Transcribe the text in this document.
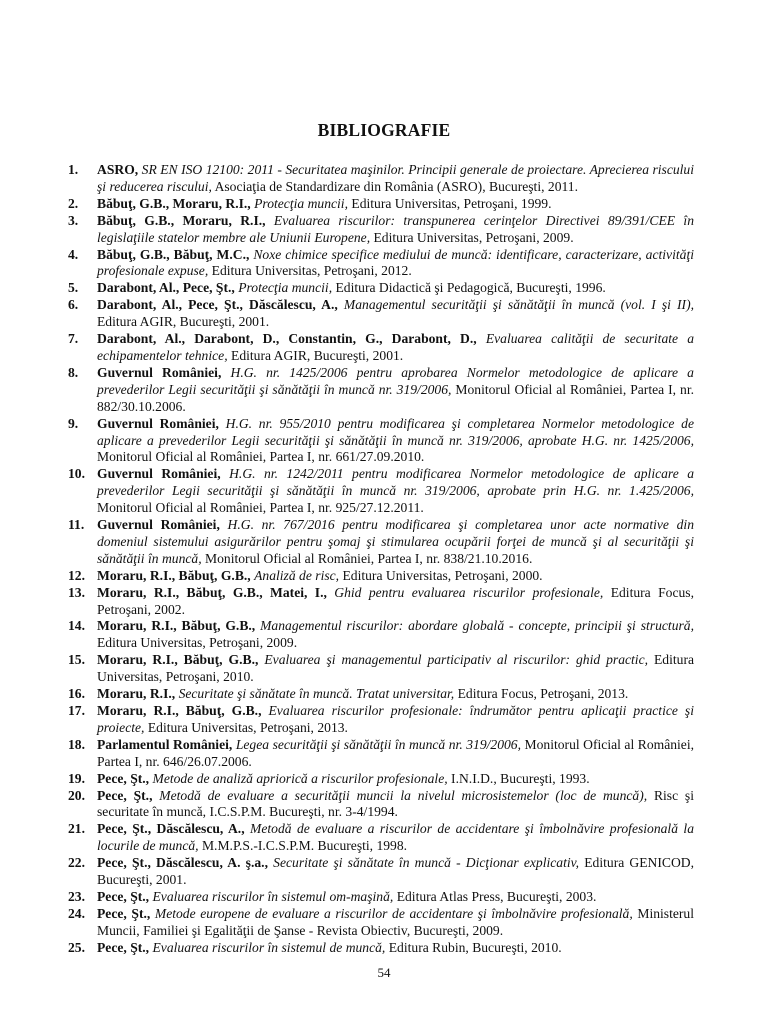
BIBLIOGRAFIE
1.	ASRO, SR EN ISO 12100: 2011 - Securitatea maşinilor. Principii generale de proiectare. Aprecierea riscului şi reducerea riscului, Asociaţia de Standardizare din România (ASRO), Bucureşti, 2011.
2.	Băbuţ, G.B., Moraru, R.I., Protecţia muncii, Editura Universitas, Petroşani, 1999.
3.	Băbuţ, G.B., Moraru, R.I., Evaluarea riscurilor: transpunerea cerinţelor Directivei 89/391/CEE în legislaţiile statelor membre ale Uniunii Europene, Editura Universitas, Petroşani, 2009.
4.	Băbuţ, G.B., Băbuţ, M.C., Noxe chimice specifice mediului de muncă: identificare, caracterizare, activităţi profesionale expuse, Editura Universitas, Petroşani, 2012.
5.	Darabont, Al., Pece, Şt., Protecţia muncii, Editura Didactică şi Pedagogică, Bucureşti, 1996.
6.	Darabont, Al., Pece, Şt., Dăscălescu, A., Managementul securităţii şi sănătăţii în muncă (vol. I şi II), Editura AGIR, Bucureşti, 2001.
7.	Darabont, Al., Darabont, D., Constantin, G., Darabont, D., Evaluarea calităţii de securitate a echipamentelor tehnice, Editura AGIR, Bucureşti, 2001.
8.	Guvernul României, H.G. nr. 1425/2006 pentru aprobarea Normelor metodologice de aplicare a prevederilor Legii securităţii şi sănătăţii în muncă nr. 319/2006, Monitorul Oficial al României, Partea I, nr. 882/30.10.2006.
9.	Guvernul României, H.G. nr. 955/2010 pentru modificarea şi completarea Normelor metodologice de aplicare a prevederilor Legii securităţii şi sănătăţii în muncă nr. 319/2006, aprobate H.G. nr. 1425/2006, Monitorul Oficial al României, Partea I, nr. 661/27.09.2010.
10. Guvernul României, H.G. nr. 1242/2011 pentru modificarea Normelor metodologice de aplicare a prevederilor Legii securităţii şi sănătăţii în muncă nr. 319/2006, aprobate prin H.G. nr. 1.425/2006, Monitorul Oficial al României, Partea I, nr. 925/27.12.2011.
11. Guvernul României, H.G. nr. 767/2016 pentru modificarea şi completarea unor acte normative din domeniul sistemului asigurărilor pentru şomaj şi stimularea ocupării forţei de muncă şi al securităţii şi sănătăţii în muncă, Monitorul Oficial al României, Partea I, nr. 838/21.10.2016.
12. Moraru, R.I., Băbuţ, G.B., Analiză de risc, Editura Universitas, Petroşani, 2000.
13. Moraru, R.I., Băbuţ, G.B., Matei, I., Ghid pentru evaluarea riscurilor profesionale, Editura Focus, Petroşani, 2002.
14. Moraru, R.I., Băbuţ, G.B., Managementul riscurilor: abordare globală - concepte, principii şi structură, Editura Universitas, Petroşani, 2009.
15. Moraru, R.I., Băbuţ, G.B., Evaluarea şi managementul participativ al riscurilor: ghid practic, Editura Universitas, Petroşani, 2010.
16. Moraru, R.I., Securitate şi sănătate în muncă. Tratat universitar, Editura Focus, Petroşani, 2013.
17. Moraru, R.I., Băbuţ, G.B., Evaluarea riscurilor profesionale: îndrumător pentru aplicaţii practice şi proiecte, Editura Universitas, Petroşani, 2013.
18. Parlamentul României, Legea securităţii şi sănătăţii în muncă nr. 319/2006, Monitorul Oficial al României, Partea I, nr. 646/26.07.2006.
19. Pece, Şt., Metode de analiză aprioriсă a riscurilor profesionale, I.N.I.D., Bucureşti, 1993.
20. Pece, Şt., Metodă de evaluare a securităţii muncii la nivelul microsistemelor (loc de muncă), Risc şi securitate în muncă, I.C.S.P.M. Bucureşti, nr. 3-4/1994.
21. Pece, Şt., Dăscălescu, A., Metodă de evaluare a riscurilor de accidentare şi îmbolnăvire profesională la locurile de muncă, M.M.P.S.-I.C.S.P.M. Bucureşti, 1998.
22. Pece, Şt., Dăscălescu, A. ş.a., Securitate şi sănătate în muncă - Dicţionar explicativ, Editura GENICOD, Bucureşti, 2001.
23. Pece, Şt., Evaluarea riscurilor în sistemul om-maşină, Editura Atlas Press, Bucureşti, 2003.
24. Pece, Şt., Metode europene de evaluare a riscurilor de accidentare şi îmbolnăvire profesională, Ministerul Muncii, Familiei şi Egalităţii de Şanse - Revista Obiectiv, Bucureşti, 2009.
25. Pece, Şt., Evaluarea riscurilor în sistemul de muncă, Editura Rubin, Bucureşti, 2010.
54
